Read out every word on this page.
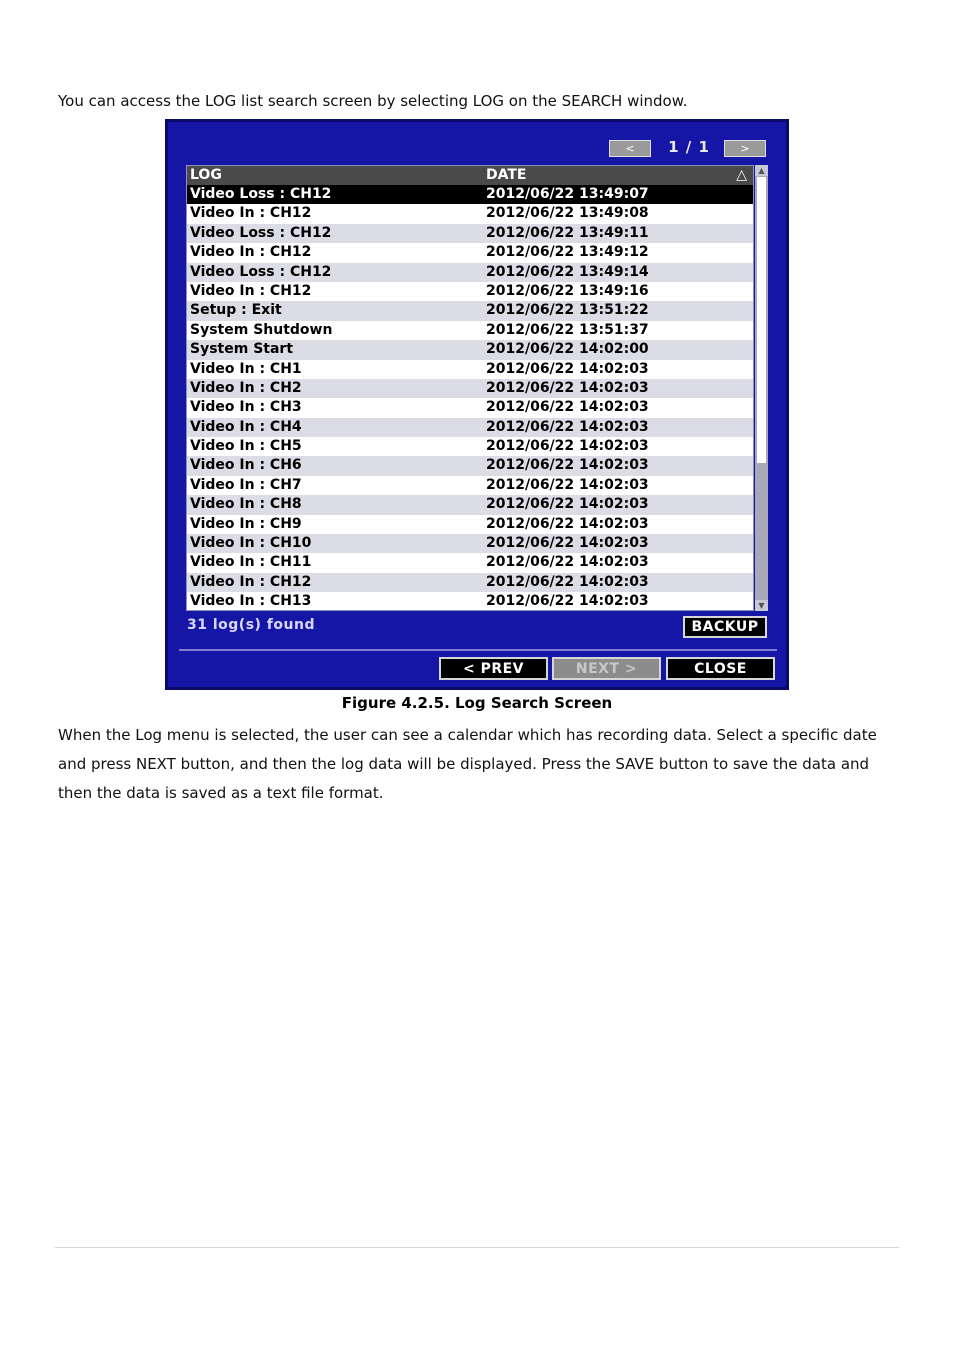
You can access the LOG list search screen by selecting LOG on the SEARCH window.
<	1 / 1	>
LOG	DATE	△
Video Loss : CH12	2012/06/22 13:49:07
Video In : CH12	2012/06/22 13:49:08
Video Loss : CH12	2012/06/22 13:49:11
Video In : CH12	2012/06/22 13:49:12
Video Loss : CH12	2012/06/22 13:49:14
Video In : CH12	2012/06/22 13:49:16
Setup : Exit	2012/06/22 13:51:22
System Shutdown	2012/06/22 13:51:37
System Start	2012/06/22 14:02:00
Video In : CH1	2012/06/22 14:02:03
Video In : CH2	2012/06/22 14:02:03
Video In : CH3	2012/06/22 14:02:03
Video In : CH4	2012/06/22 14:02:03
Video In : CH5	2012/06/22 14:02:03
Video In : CH6	2012/06/22 14:02:03
Video In : CH7	2012/06/22 14:02:03
Video In : CH8	2012/06/22 14:02:03
Video In : CH9	2012/06/22 14:02:03
Video In : CH10	2012/06/22 14:02:03
Video In : CH11	2012/06/22 14:02:03
Video In : CH12	2012/06/22 14:02:03
Video In : CH13	2012/06/22 14:02:03
▲
▼
31 log(s) found	BACKUP
< PREV	NEXT >	CLOSE
Figure 4.2.5. Log Search Screen
When the Log menu is selected, the user can see a calendar which has recording data. Select a specific date and press NEXT button, and then the log data will be displayed. Press the SAVE button to save the data and then the data is saved as a text file format.
